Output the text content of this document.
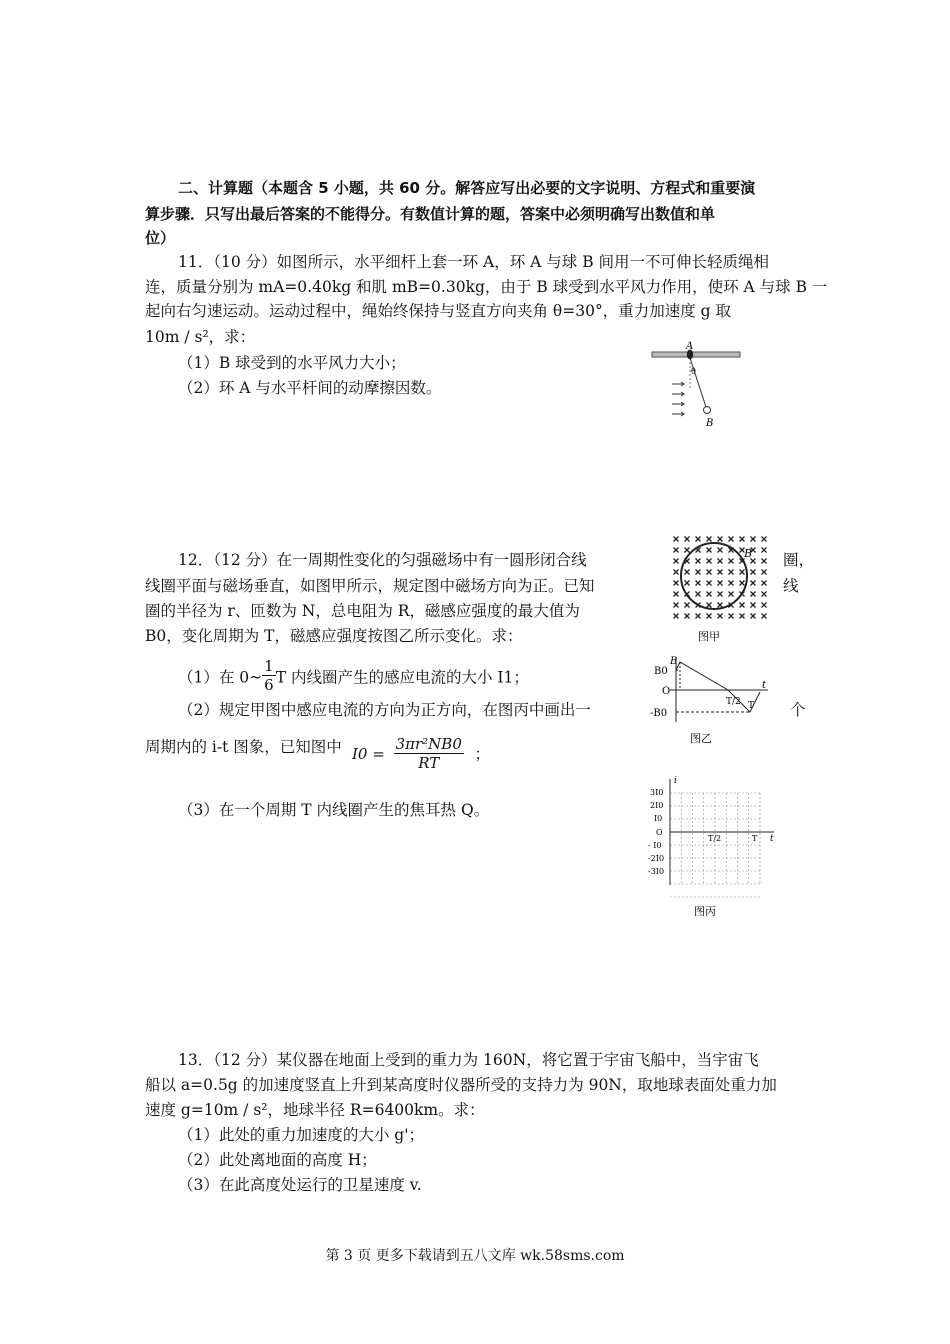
二、计算题（本题含 5 小题，共 60 分。解答应写出必要的文字说明、方程式和重要演
算步骤．只写出最后答案的不能得分。有数值计算的题，答案中必须明确写出数值和单
位）
11．（10 分）如图所示，水平细杆上套一环 A，环 A 与球 B 间用一不可伸长轻质绳相
连，质量分别为 mA=0.40kg 和肌 mB=0.30kg，由于 B 球受到水平风力作用，使环 A 与球 B 一
起向右匀速运动。运动过程中，绳始终保持与竖直方向夹角 θ=30°，重力加速度 g 取
10m / s²，求：
（1）B 球受到的水平风力大小；
（2）环 A 与水平杆间的动摩擦因数。
A
θ
B
12．（12 分）在一周期性变化的匀强磁场中有一圆形闭合线	圈，
线圈平面与磁场垂直，如图甲所示，规定图中磁场方向为正。已知	线
圈的半径为 r、匝数为 N，总电阻为 R，磁感应强度的最大值为
B0，变化周期为 T，磁感应强度按图乙所示变化。求：
（1）在 0~ $\frac{1}{6}$ T 内线圈产生的感应电流的大小 I1；
（2）规定甲图中感应电流的方向为正方向，在图丙中画出一	个
周期内的 i-t 图象，已知图中 $I0 = \frac{\text{3πr²NB0}}{RT}$ ；
（3）在一个周期 T 内线圈产生的焦耳热 Q。
B
图甲
B0
B
O
T/2 T
t
-B0
图乙
i
3I0
2I0
I0
O
- I0
-2I0
-3I0
T/2	T t
图丙
13．（12 分）某仪器在地面上受到的重力为 160N，将它置于宇宙飞船中，当宇宙飞
船以 a=0.5g 的加速度竖直上升到某高度时仪器所受的支持力为 90N，取地球表面处重力加
速度 g=10m / s²，地球半径 R=6400km。求：
（1）此处的重力加速度的大小 g'；
（2）此处离地面的高度 H；
（3）在此高度处运行的卫星速度 v.
第 3 页 更多下载请到五八文库 wk.58sms.com
